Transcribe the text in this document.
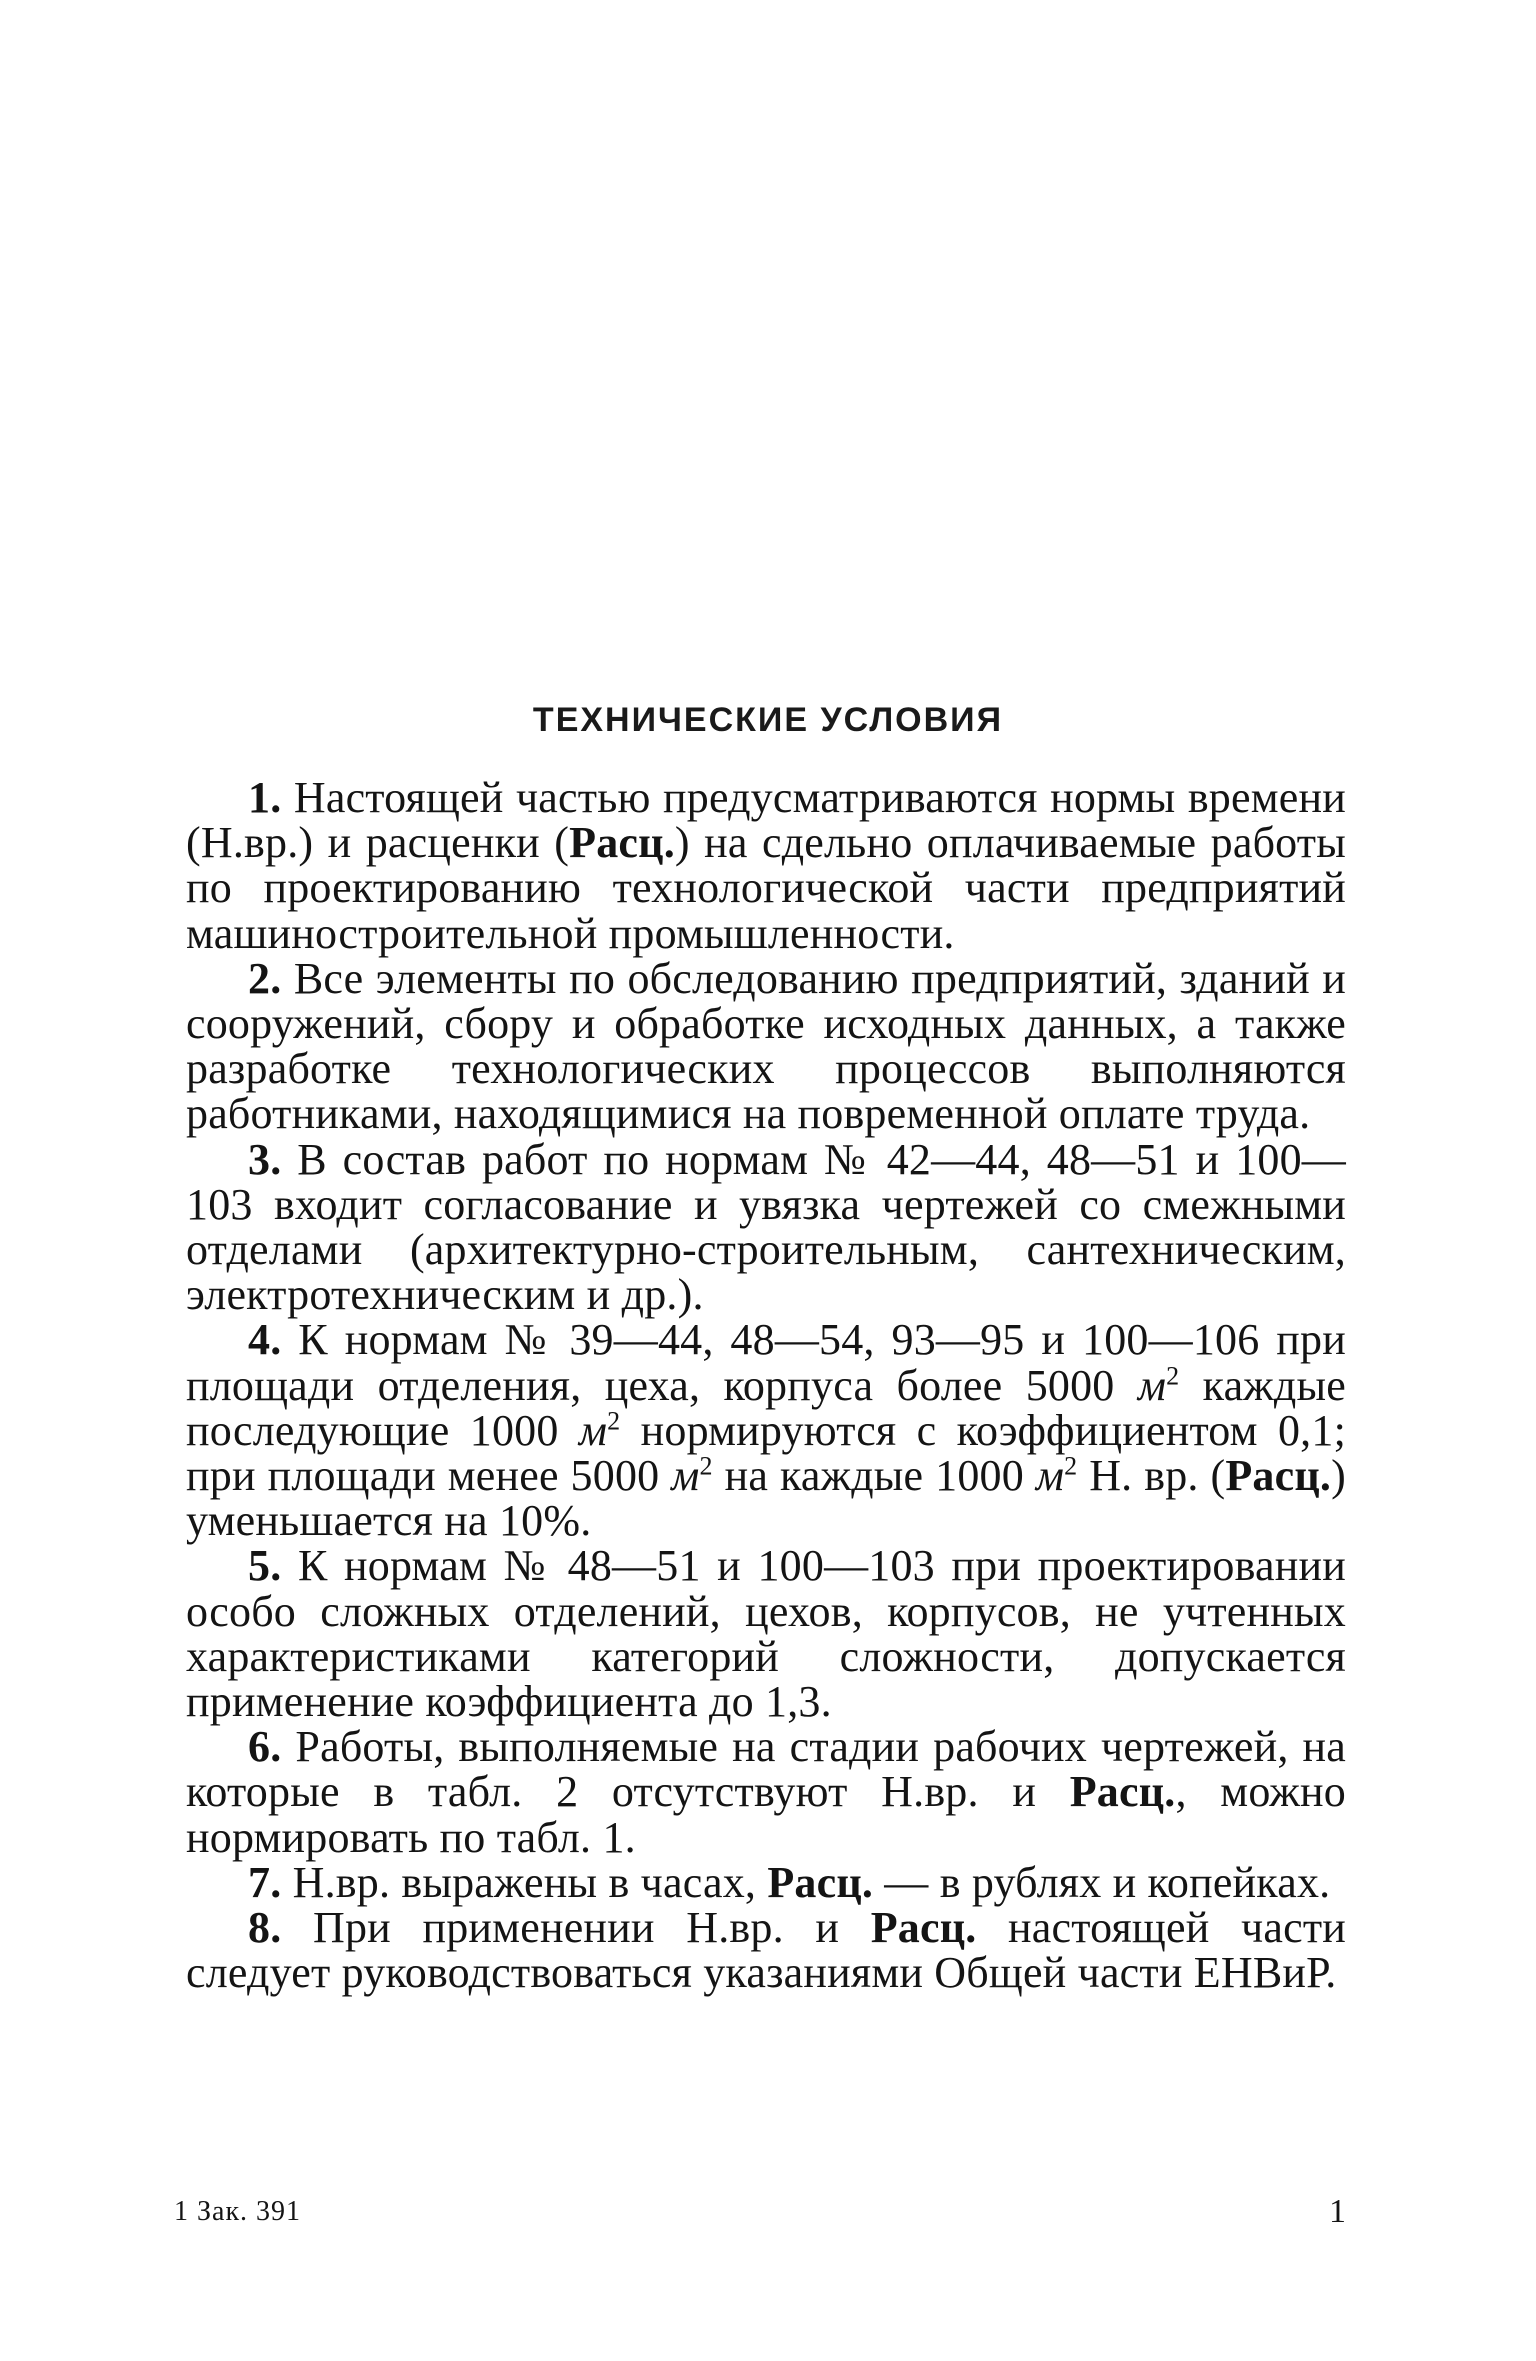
ТЕХНИЧЕСКИЕ УСЛОВИЯ

1. Настоящей частью предусматриваются нормы времени (Н.вр.) и расценки (Расц.) на сдельно оплачиваемые работы по проектированию технологической части предприятий машиностроительной промышленности.

2. Все элементы по обследованию предприятий, зданий и сооружений, сбору и обработке исходных данных, а также разработке технологических процессов выполняются работниками, находящимися на повременной оплате труда.

3. В состав работ по нормам № 42—44, 48—51 и 100—103 входит согласование и увязка чертежей со смежными отделами (архитектурно-строительным, сантехническим, электротехническим и др.).

4. К нормам № 39—44, 48—54, 93—95 и 100—106 при площади отделения, цеха, корпуса более 5000 $м^2$ каждые последующие 1000 $м^2$ нормируются с коэффициентом 0,1; при площади менее 5000 $м^2$ на каждые 1000 $м^2$ Н. вр. (Расц.) уменьшается на 10%.

5. К нормам № 48—51 и 100—103 при проектировании особо сложных отделений, цехов, корпусов, не учтенных характеристиками категорий сложности, допускается применение коэффициента до 1,3.

6. Работы, выполняемые на стадии рабочих чертежей, на которые в табл. 2 отсутствуют Н.вр. и Расц., можно нормировать по табл. 1.

7. Н.вр. выражены в часах, Расц. — в рублях и копейках.

8. При применении Н.вр. и Расц. настоящей части следует руководствоваться указаниями Общей части ЕНВиР.

1 Зак. 391	1
